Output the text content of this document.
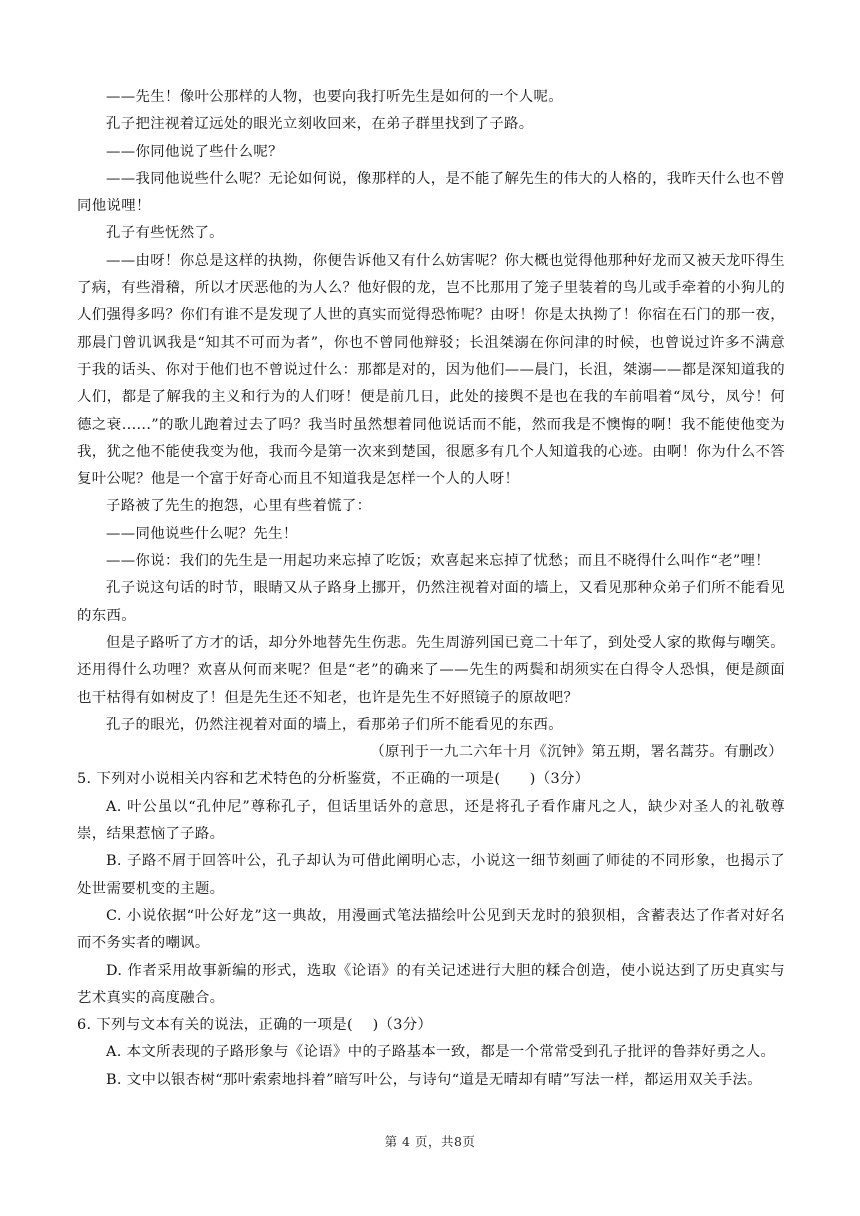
——先生！像叶公那样的人物，也要向我打听先生是如何的一个人呢。

孔子把注视着辽远处的眼光立刻收回来，在弟子群里找到了子路。

——你同他说了些什么呢？

——我同他说些什么呢？无论如何说，像那样的人，是不能了解先生的伟大的人格的，我昨天什么也不曾同他说哩！

孔子有些怃然了。

——由呀！你总是这样的执拗，你便告诉他又有什么妨害呢？你大概也觉得他那种好龙而又被天龙吓得生了病，有些滑稽，所以才厌恶他的为人么？他好假的龙，岂不比那用了笼子里装着的鸟儿或手牵着的小狗儿的人们强得多吗？你们有谁不是发现了人世的真实而觉得恐怖呢？由呀！你是太执拗了！你宿在石门的那一夜，那晨门曾讥讽我是“知其不可而为者”，你也不曾同他辩驳；长沮桀溺在你问津的时候，也曾说过许多不满意于我的话头、你对于他们也不曾说过什么：那都是对的，因为他们——晨门，长沮，桀溺——都是深知道我的人们，都是了解我的主义和行为的人们呀！便是前几日，此处的接舆不是也在我的车前唱着“凤兮，凤兮！何德之衰......”的歌儿跑着过去了吗？我当时虽然想着同他说话而不能，然而我是不懊悔的啊！我不能使他变为我，犹之他不能使我变为他，我而今是第一次来到楚国，很愿多有几个人知道我的心迹。由啊！你为什么不答复叶公呢？他是一个富于好奇心而且不知道我是怎样一个人的人呀！

子路被了先生的抱怨，心里有些着慌了：

——同他说些什么呢？先生！

——你说：我们的先生是一用起功来忘掉了吃饭；欢喜起来忘掉了忧愁；而且不晓得什么叫作“老”哩！

孔子说这句话的时节，眼睛又从子路身上挪开，仍然注视着对面的墙上，又看见那种众弟子们所不能看见的东西。

但是子路听了方才的话，却分外地替先生伤悲。先生周游列国已竟二十年了，到处受人家的欺侮与嘲笑。还用得什么功哩？欢喜从何而来呢？但是“老”的确来了——先生的两鬓和胡须实在白得令人恐惧，便是颜面也干枯得有如树皮了！但是先生还不知老，也许是先生不好照镜子的原故吧？

孔子的眼光，仍然注视着对面的墙上，看那弟子们所不能看见的东西。

（原刊于一九二六年十月《沉钟》第五期，署名蒿芬。有删改）

5. 下列对小说相关内容和艺术特色的分析鉴赏，不正确的一项是(　　)（3分）

A. 叶公虽以“孔仲尼”尊称孔子，但话里话外的意思，还是将孔子看作庸凡之人，缺少对圣人的礼敬尊崇，结果惹恼了子路。

B. 子路不屑于回答叶公，孔子却认为可借此阐明心志，小说这一细节刻画了师徒的不同形象，也揭示了处世需要机变的主题。

C. 小说依据“叶公好龙”这一典故，用漫画式笔法描绘叶公见到天龙时的狼狈相，含蓄表达了作者对好名而不务实者的嘲讽。

D. 作者采用故事新编的形式，选取《论语》的有关记述进行大胆的糅合创造，使小说达到了历史真实与艺术真实的高度融合。

6. 下列与文本有关的说法，正确的一项是(　 )（3分）

A. 本文所表现的子路形象与《论语》中的子路基本一致，都是一个常常受到孔子批评的鲁莽好勇之人。

B. 文中以银杏树“那叶索索地抖着”暗写叶公，与诗句“道是无晴却有晴”写法一样，都运用双关手法。

第 4 页，共8页
